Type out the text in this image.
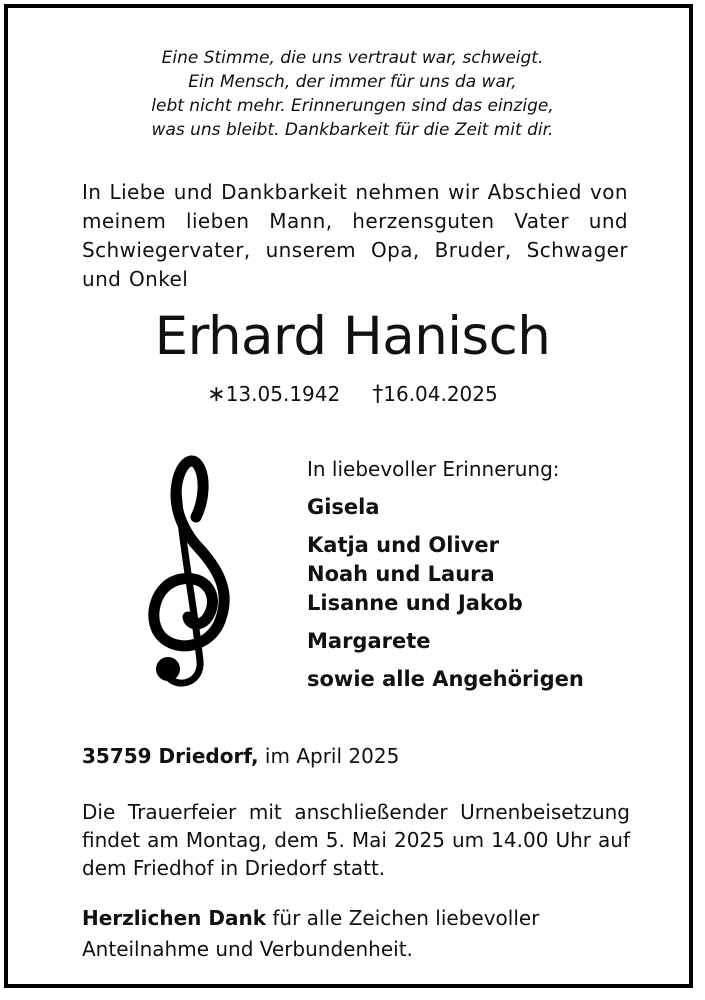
Eine Stimme, die uns vertraut war, schweigt.
Ein Mensch, der immer für uns da war,
lebt nicht mehr. Erinnerungen sind das einzige,
was uns bleibt. Dankbarkeit für die Zeit mit dir.
In Liebe und Dankbarkeit nehmen wir Abschied von meinem lieben Mann, herzensguten Vater und Schwiegervater, unserem Opa, Bruder, Schwager und Onkel
Erhard Hanisch
∗13.05.1942 †16.04.2025
In liebevoller Erinnerung:
Gisela
Katja und Oliver
Noah und Laura
Lisanne und Jakob
Margarete
sowie alle Angehörigen
35759 Driedorf, im April 2025
Die Trauerfeier mit anschließender Urnenbeisetzung findet am Montag, dem 5. Mai 2025 um 14.00 Uhr auf dem Friedhof in Driedorf statt.
Herzlichen Dank für alle Zeichen liebevoller Anteilnahme und Verbundenheit.
